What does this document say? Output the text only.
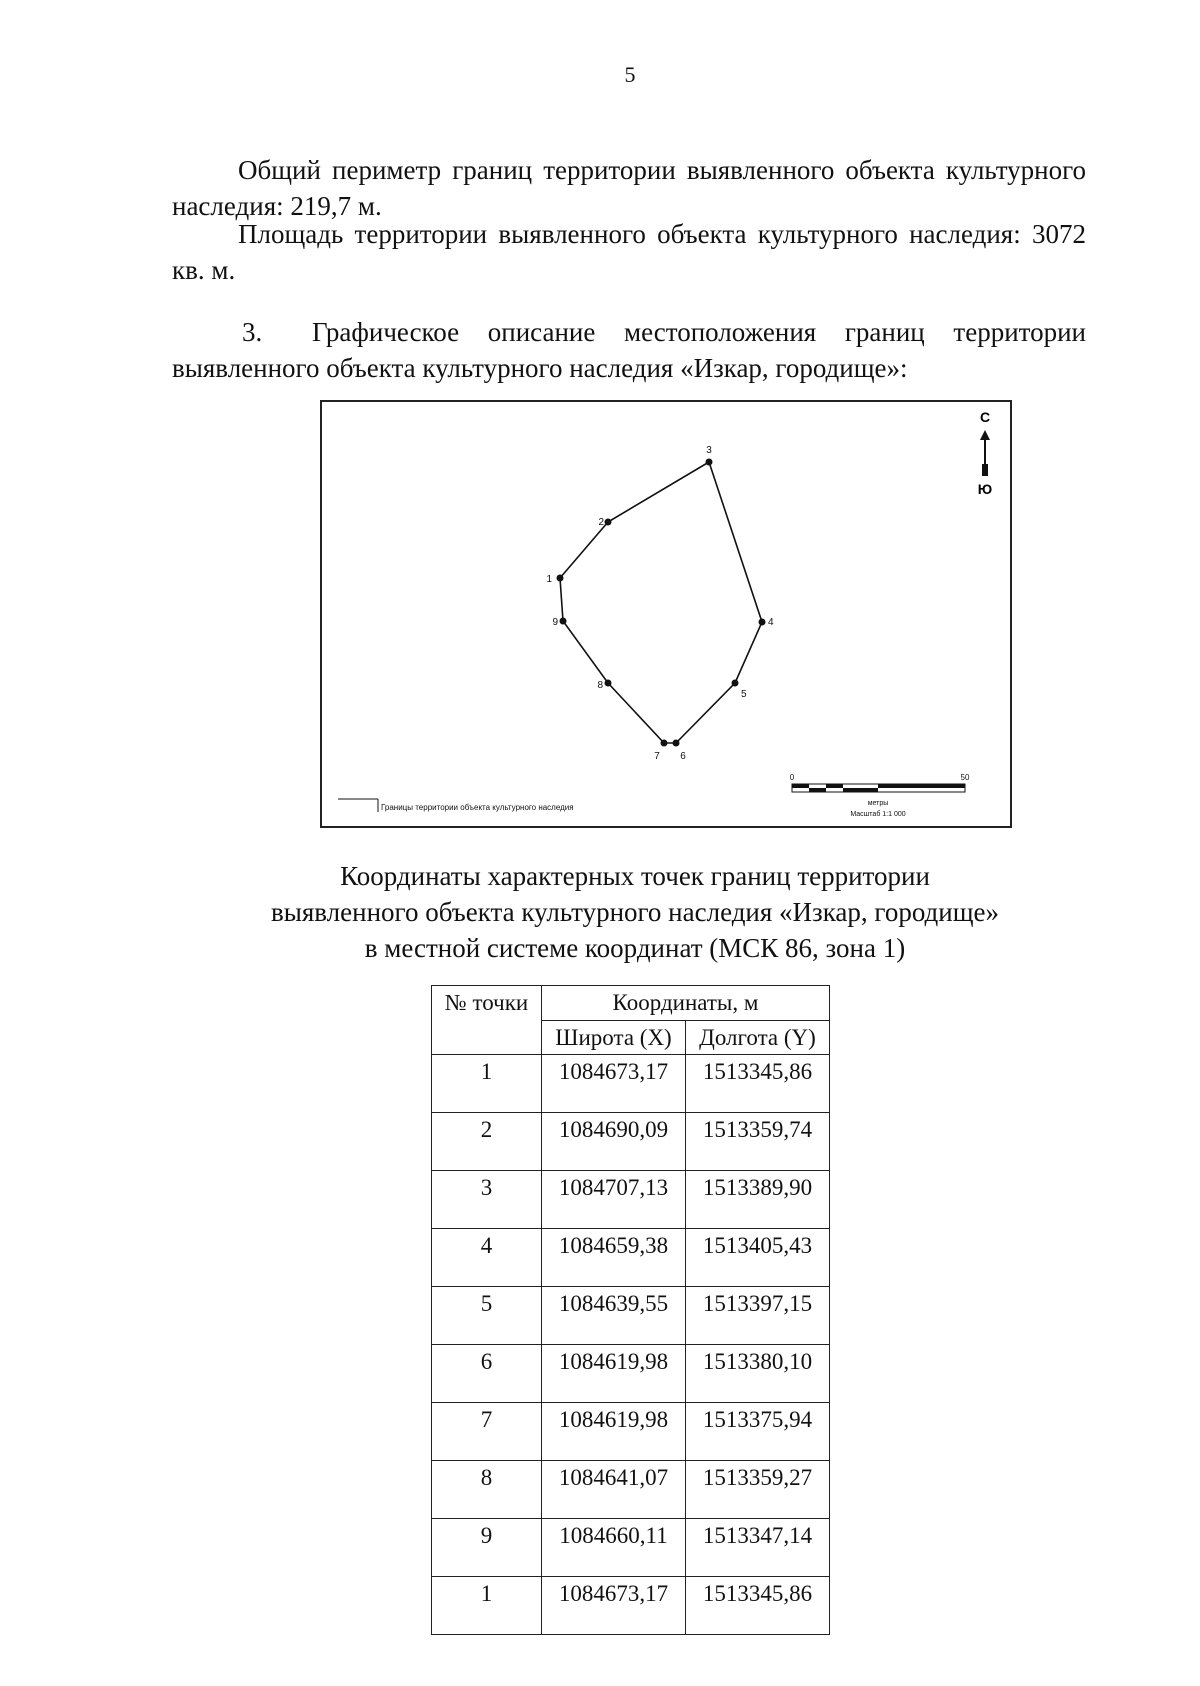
5

Общий периметр границ территории выявленного объекта культурного наследия: 219,7 м.

Площадь территории выявленного объекта культурного наследия: 3072 кв. м.

3. Графическое описание местоположения границ территории выявленного объекта культурного наследия «Изкар, городище»:

С
Ю
1
2
3
4
5
6
7
8
9
Границы территории объекта культурного наследия
0	50
метры
Масштаб 1:1 000
Координаты характерных точек границ территории
выявленного объекта культурного наследия «Изкар, городище»
в местной системе координат (МСК 86, зона 1)
№ точки	Координаты, м	
	Широта (X)	Долгота (Y)
1	1084673,17	1513345,86
2	1084690,09	1513359,74
3	1084707,13	1513389,90
4	1084659,38	1513405,43
5	1084639,55	1513397,15
6	1084619,98	1513380,10
7	1084619,98	1513375,94
8	1084641,07	1513359,27
9	1084660,11	1513347,14
1	1084673,17	1513345,86
